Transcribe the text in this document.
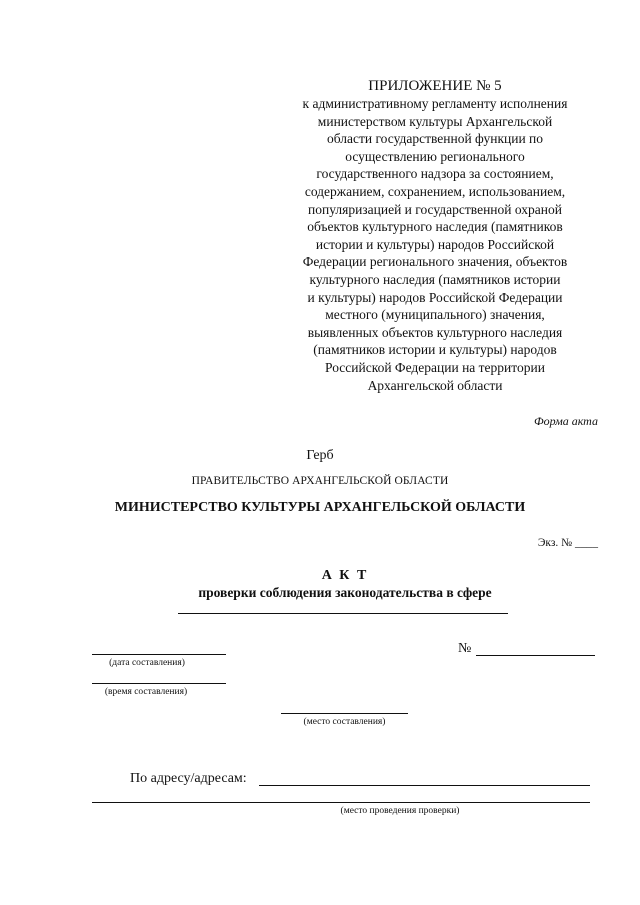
ПРИЛОЖЕНИЕ № 5
к административному регламенту исполнения
министерством культуры Архангельской
области государственной функции по
осуществлению регионального
государственного надзора за состоянием,
содержанием, сохранением, использованием,
популяризацией и государственной охраной
объектов культурного наследия (памятников
истории и культуры) народов Российской
Федерации регионального значения, объектов
культурного наследия (памятников истории
и культуры) народов Российской Федерации
местного (муниципального) значения,
выявленных объектов культурного наследия
(памятников истории и культуры) народов
Российской Федерации на территории
Архангельской области
Форма акта
Герб
ПРАВИТЕЛЬСТВО АРХАНГЕЛЬСКОЙ ОБЛАСТИ
МИНИСТЕРСТВО КУЛЬТУРЫ АРХАНГЕЛЬСКОЙ ОБЛАСТИ
Экз. № ____
А К Т
проверки соблюдения законодательства в сфере
(дата составления)
№
(время составления)
(место составления)
По адресу/адресам:
(место проведения проверки)
